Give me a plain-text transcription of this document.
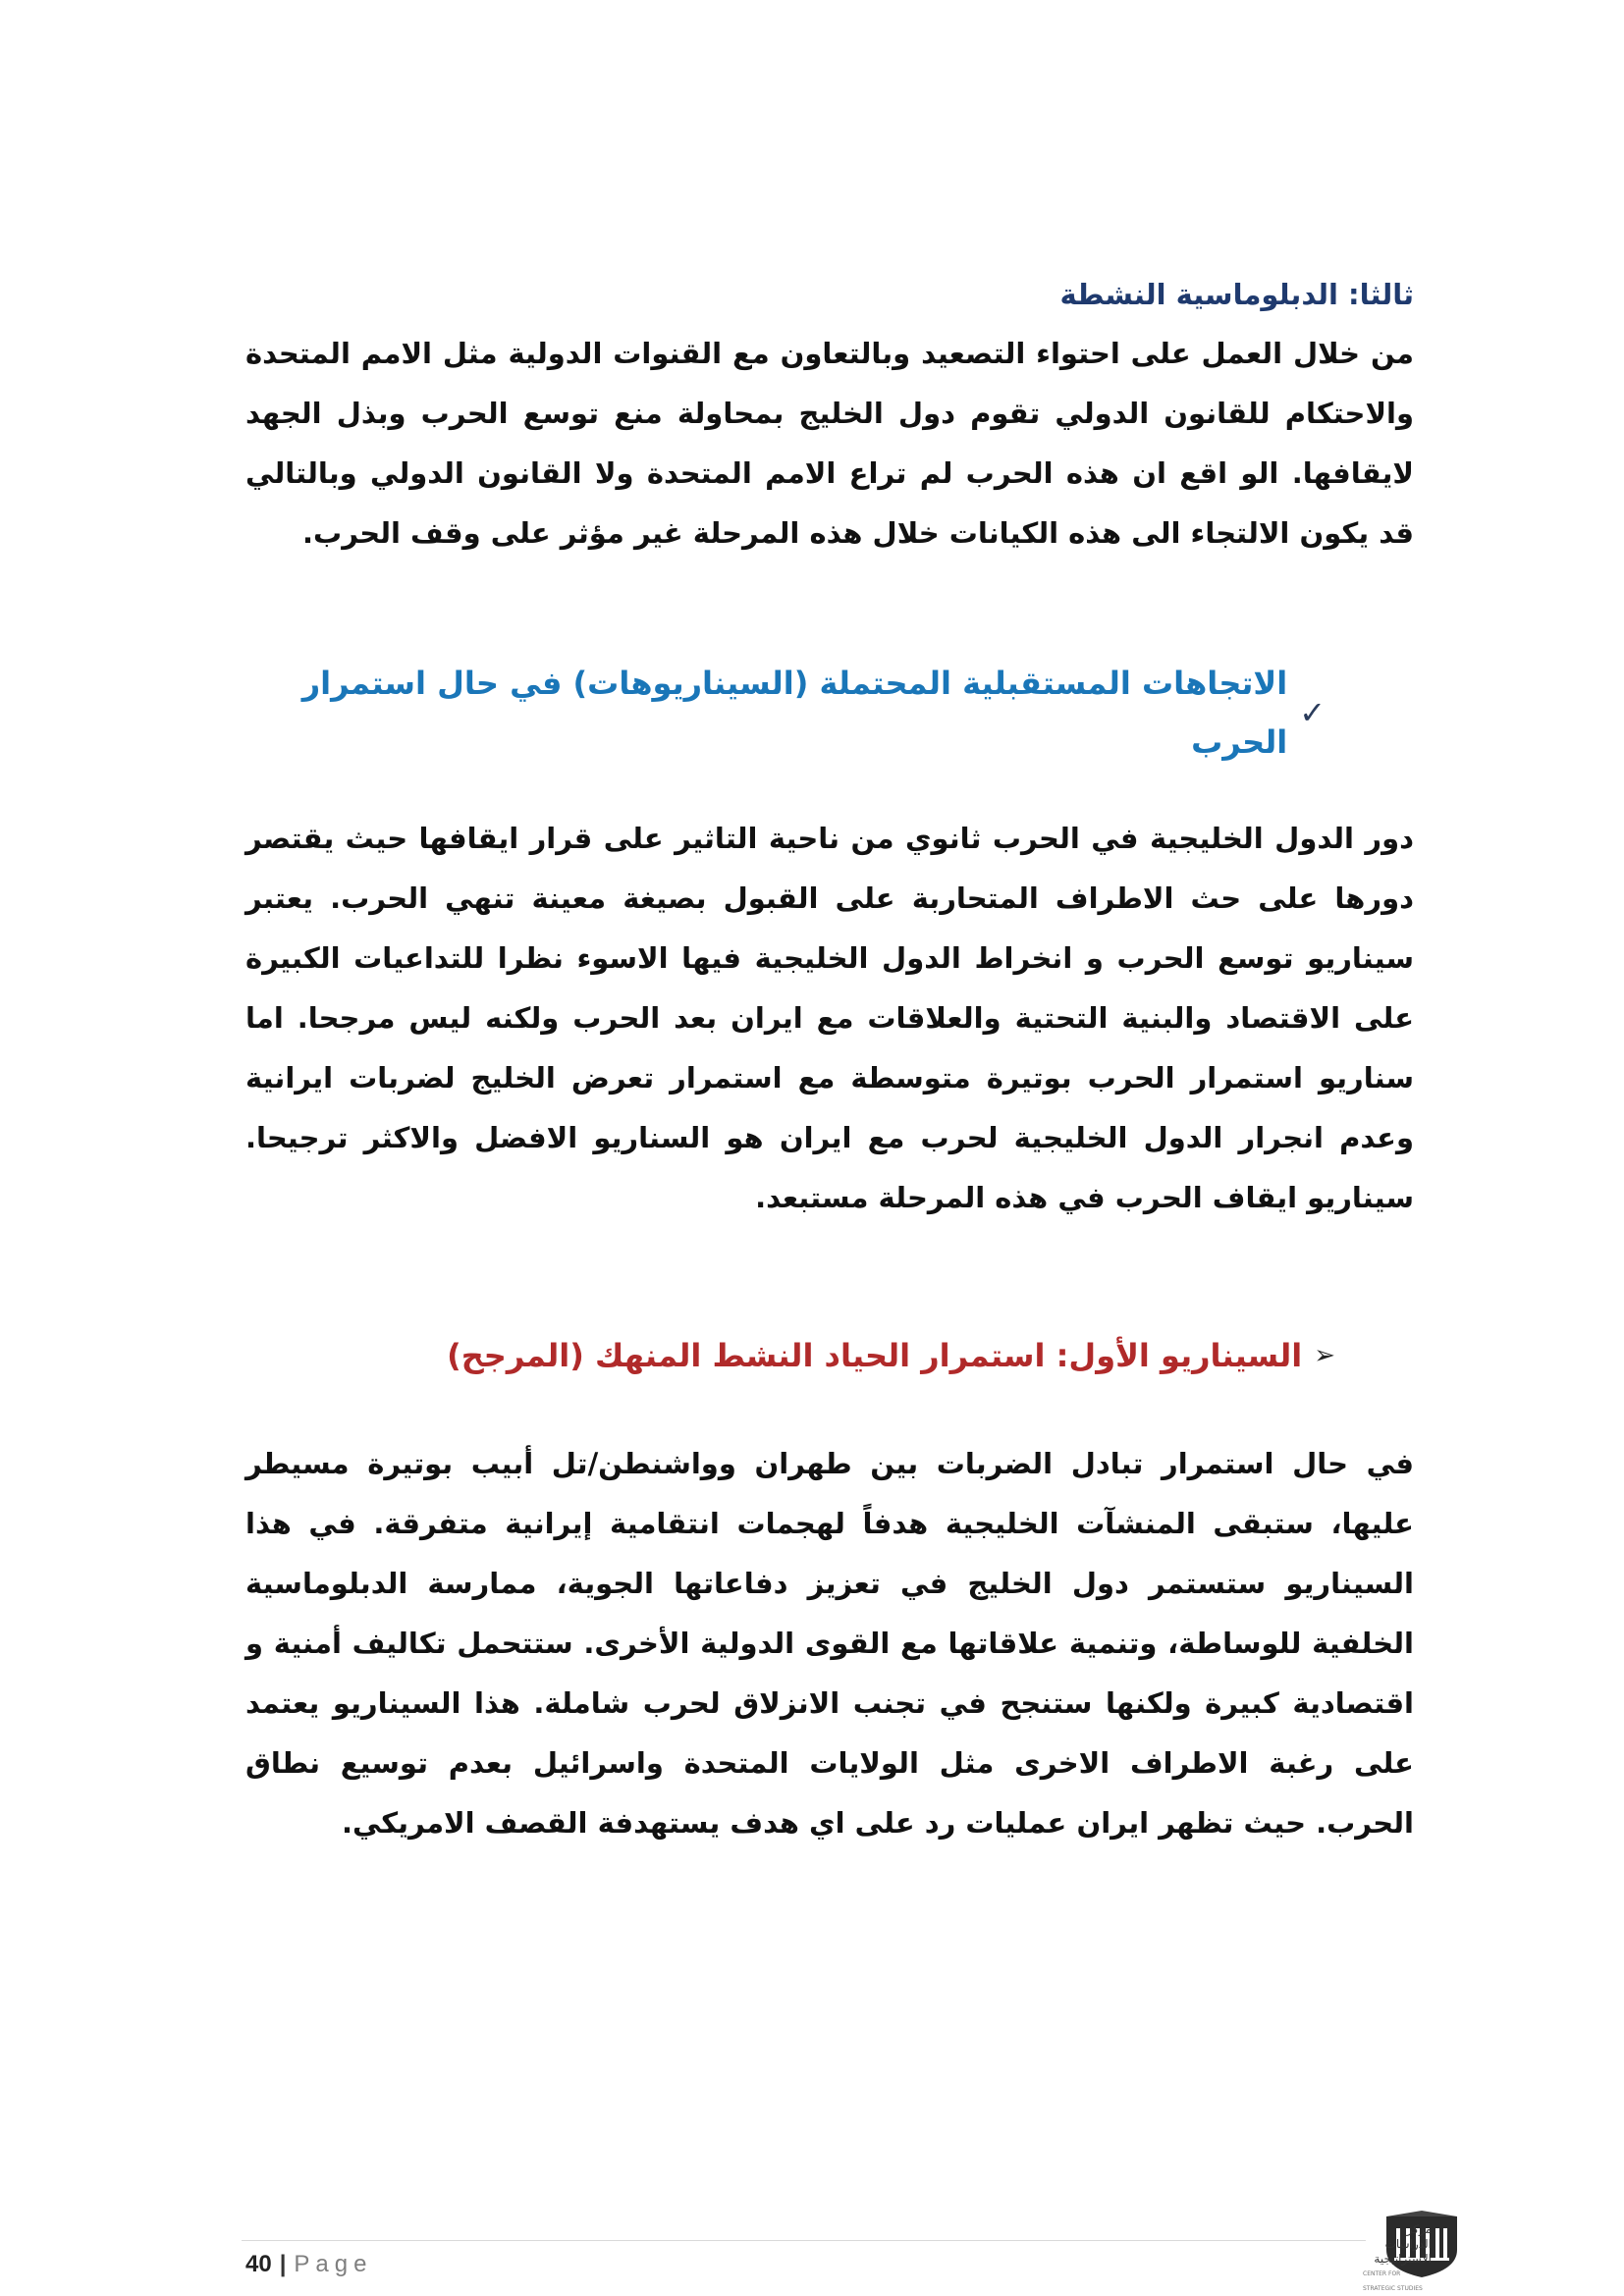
ثالثا: الدبلوماسية النشطة

من خلال العمل على احتواء التصعيد وبالتعاون مع القنوات الدولية مثل الامم المتحدة والاحتكام للقانون الدولي تقوم دول الخليج بمحاولة منع توسع الحرب وبذل الجهد لايقافها. الو اقع ان هذه الحرب لم تراع الامم المتحدة ولا القانون الدولي وبالتالي قد يكون الالتجاء الى هذه الكيانات خلال هذه المرحلة غير مؤثر على وقف الحرب.

✓
الاتجاهات المستقبلية المحتملة (السيناريوهات) في حال استمرار الحرب

دور الدول الخليجية في الحرب ثانوي من ناحية التاثير على قرار ايقافها حيث يقتصر دورها على حث الاطراف المتحاربة على القبول بصيغة معينة تنهي الحرب. يعتبر سيناريو توسع الحرب و انخراط الدول الخليجية فيها الاسوء نظرا للتداعيات الكبيرة على الاقتصاد والبنية التحتية والعلاقات مع ايران بعد الحرب ولكنه ليس مرجحا. اما سناريو استمرار الحرب بوتيرة متوسطة مع استمرار تعرض الخليج لضربات ايرانية وعدم انجرار الدول الخليجية لحرب مع ايران هو السناريو الافضل والاكثر ترجيحا. سيناريو ايقاف الحرب في هذه المرحلة مستبعد.

➢
السيناريو الأول: استمرار الحياد النشط المنهك (المرجح)

في حال استمرار تبادل الضربات بين طهران وواشنطن/تل أبيب بوتيرة مسيطر عليها، ستبقى المنشآت الخليجية هدفاً لهجمات انتقامية إيرانية متفرقة. في هذا السيناريو ستستمر دول الخليج في تعزيز دفاعاتها الجوية، ممارسة الدبلوماسية الخلفية للوساطة، وتنمية علاقاتها مع القوى الدولية الأخرى. ستتحمل تكاليف أمنية و اقتصادية كبيرة ولكنها ستنجح في تجنب الانزلاق لحرب شاملة. هذا السيناريو يعتمد على رغبة الاطراف الاخرى مثل الولايات المتحدة واسرائيل بعدم توسيع نطاق الحرب. حيث تظهر ايران عمليات رد على اي هدف يستهدفة القصف الامريكي.

40 | Page
مركز الدراسات الاستراتيجية
CENTER FOR STRATEGIC STUDIES
